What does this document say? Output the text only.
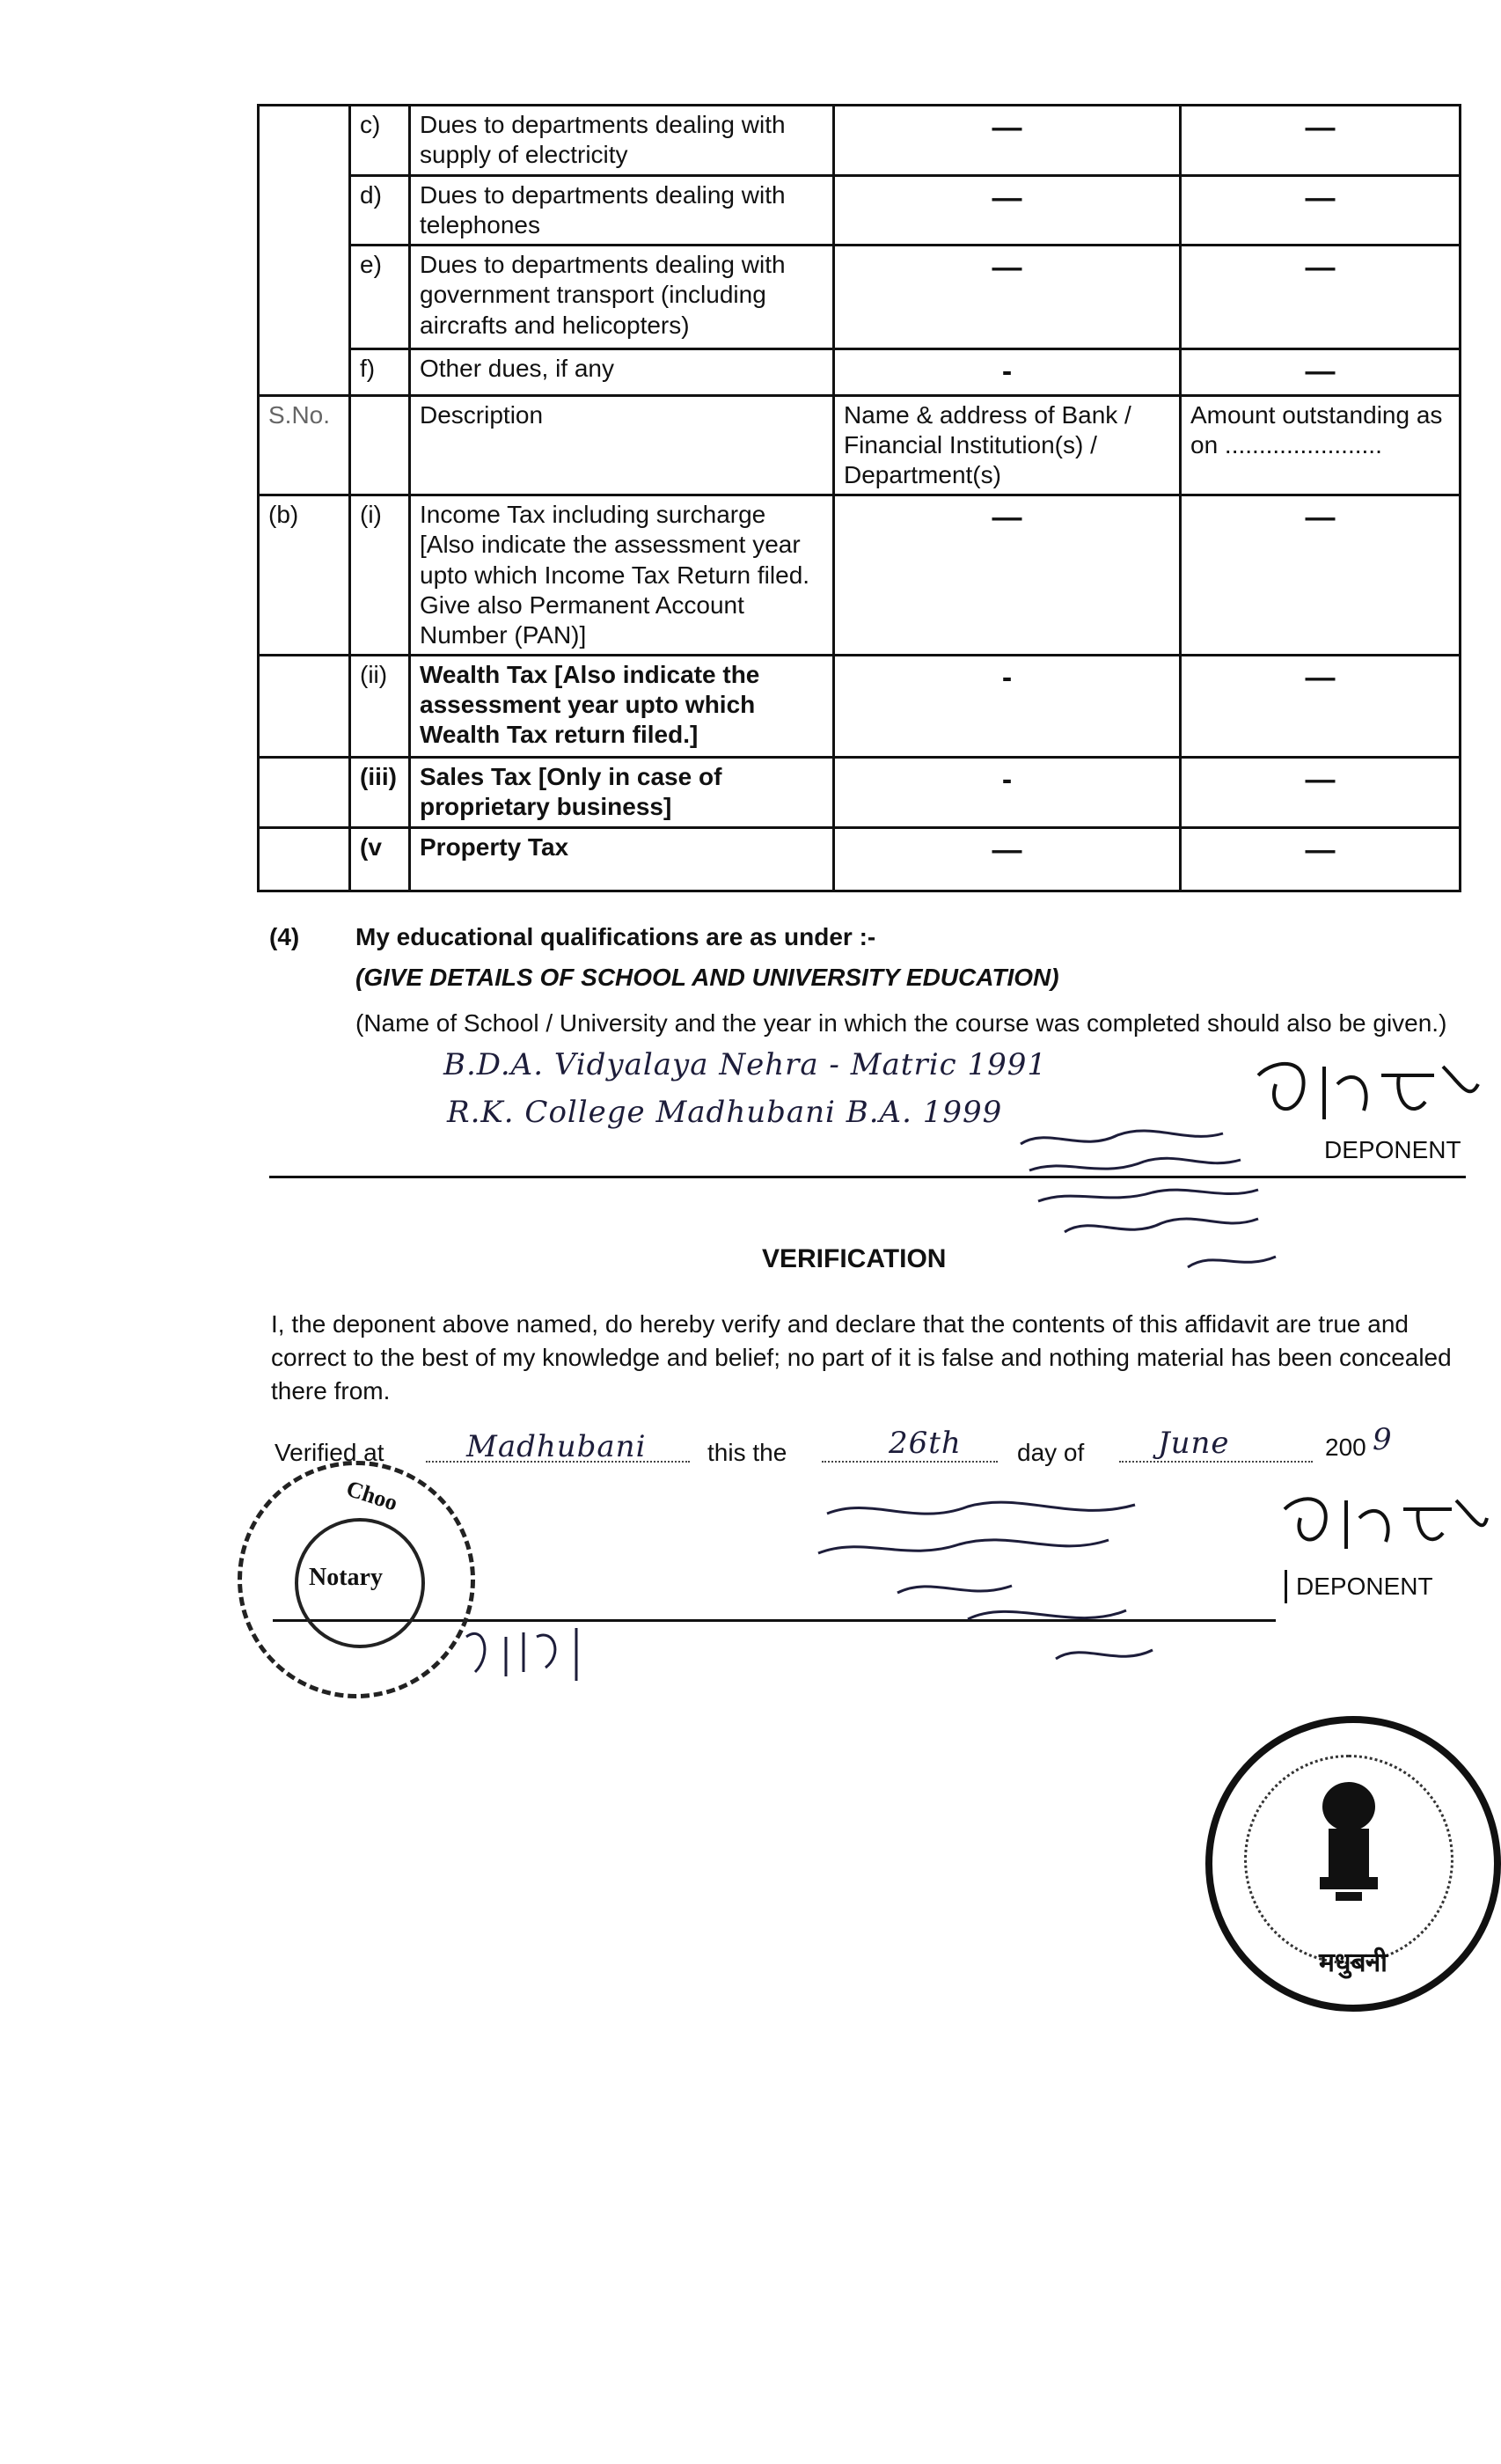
	c)	Dues to departments dealing with supply of electricity	—	—
	d)	Dues to departments dealing with telephones	—	—
	e)	Dues to departments dealing with government transport (including aircrafts and helicopters)	—	—
	f)	Other dues, if any	-	—
S.No.		Description	Name & address of Bank / Financial Institution(s) / Department(s)	Amount outstanding as on .......................
(b)	(i)	Income Tax including surcharge [Also indicate the assessment year upto which Income Tax Return filed. Give also Permanent Account Number (PAN)]	—	—
	(ii)	Wealth Tax [Also indicate the assessment year upto which Wealth Tax return filed.]	-	—
	(iii)	Sales Tax [Only in case of proprietary business]	-	—
	(v	Property Tax	—	—
(4) My educational qualifications are as under :-
(GIVE DETAILS OF SCHOOL AND UNIVERSITY EDUCATION)
(Name of School / University and the year in which the course was completed should also be given.)
B.D.A. Vidyalaya Nehra - Matric 1991
R.K. College Madhubani B.A. 1999
DEPONENT
VERIFICATION
I, the deponent above named, do hereby verify and declare that the contents of this affidavit are true and correct to the best of my knowledge and belief; no part of it is false and nothing material has been concealed there from.
Verified at	Madhubani this the	26th day of June	200 9
DEPONENT
Choo
Notary
मधुबनी
